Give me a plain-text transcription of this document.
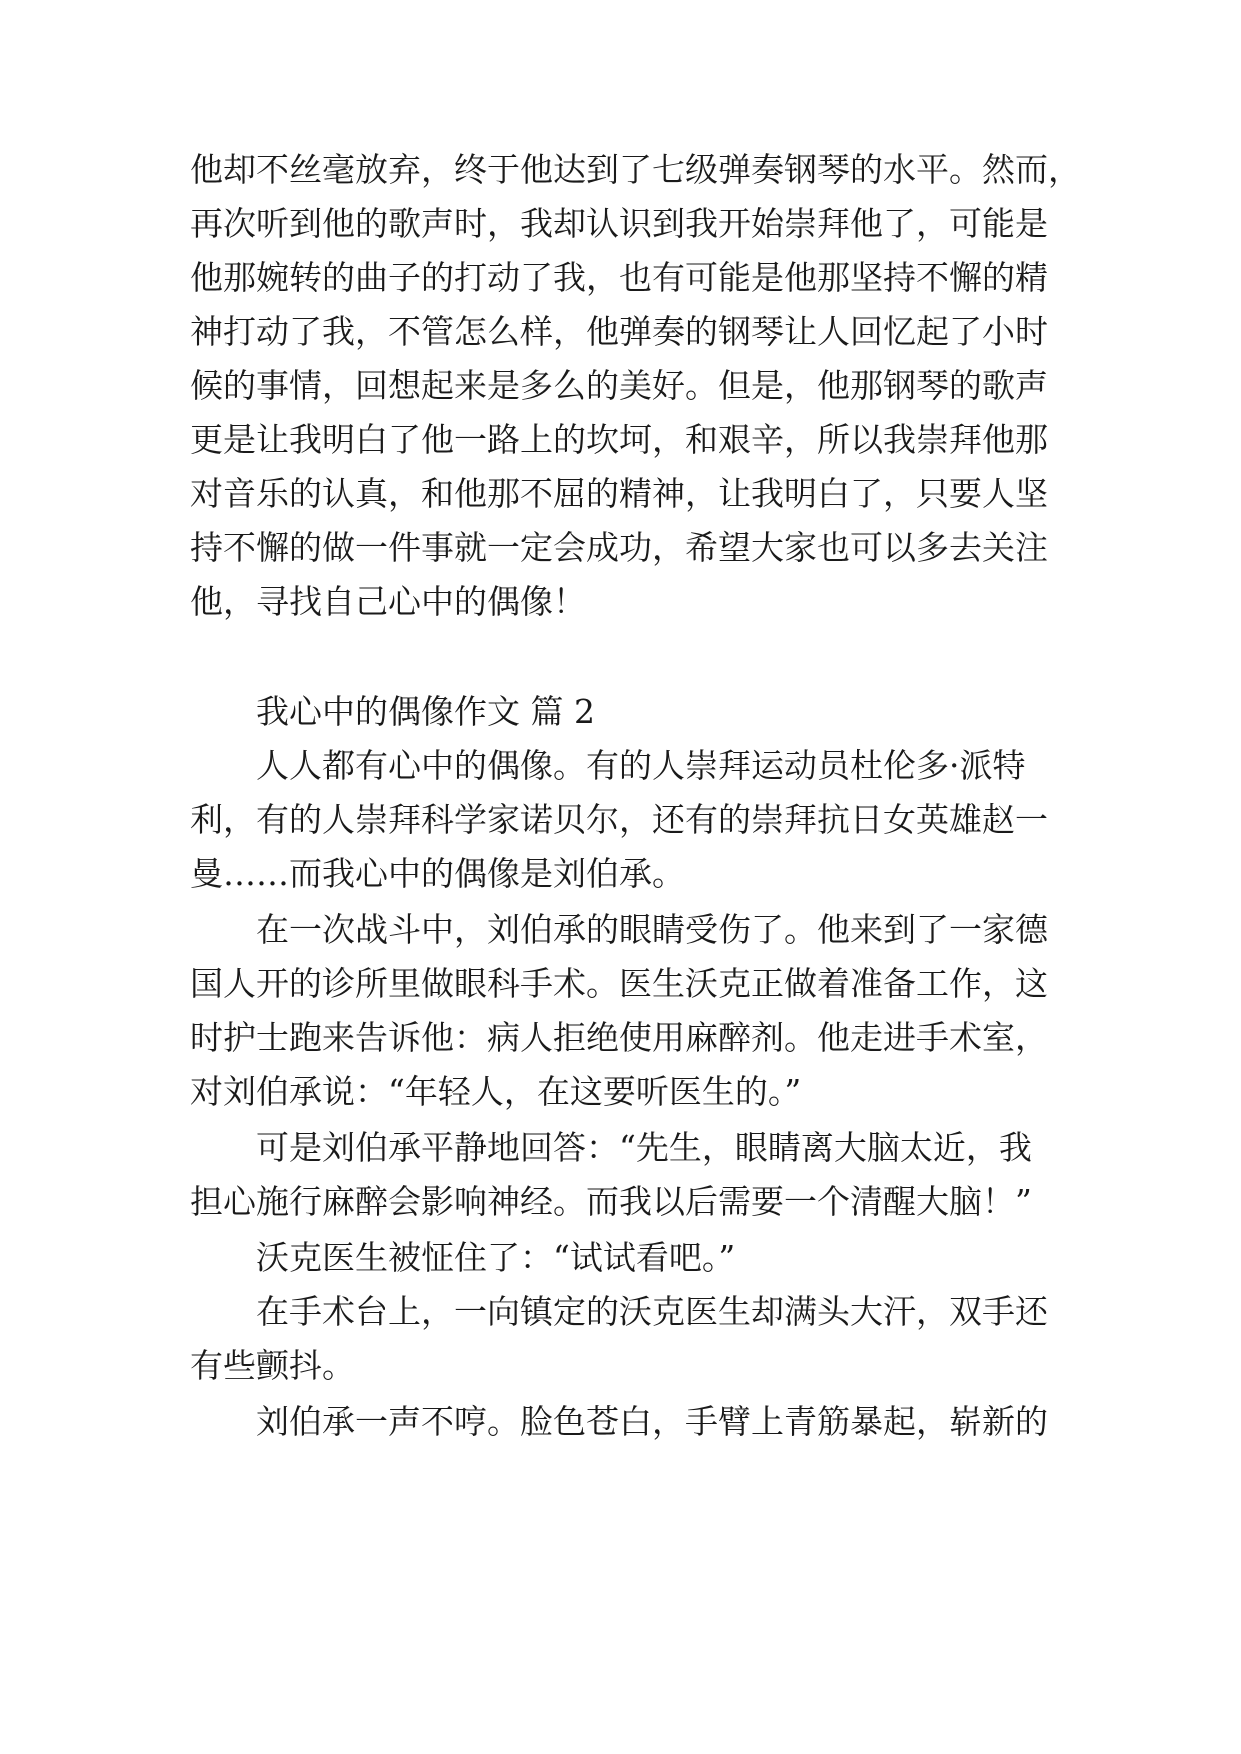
他却不丝毫放弃，终于他达到了七级弹奏钢琴的水平。然而，
再次听到他的歌声时，我却认识到我开始崇拜他了，可能是
他那婉转的曲子的打动了我，也有可能是他那坚持不懈的精
神打动了我，不管怎么样，他弹奏的钢琴让人回忆起了小时
候的事情，回想起来是多么的美好。但是，他那钢琴的歌声
更是让我明白了他一路上的坎坷，和艰辛，所以我崇拜他那
对音乐的认真，和他那不屈的精神，让我明白了，只要人坚
持不懈的做一件事就一定会成功，希望大家也可以多去关注
他，寻找自己心中的偶像！
我心中的偶像作文 篇 2
人人都有心中的偶像。有的人崇拜运动员杜伦多·派特
利，有的人崇拜科学家诺贝尔，还有的崇拜抗日女英雄赵一
曼……而我心中的偶像是刘伯承。
在一次战斗中，刘伯承的眼睛受伤了。他来到了一家德
国人开的诊所里做眼科手术。医生沃克正做着准备工作，这
时护士跑来告诉他：病人拒绝使用麻醉剂。他走进手术室，
对刘伯承说：“年轻人，在这要听医生的。”
可是刘伯承平静地回答：“先生，眼睛离大脑太近，我
担心施行麻醉会影响神经。而我以后需要一个清醒大脑！”
沃克医生被怔住了：“试试看吧。”
在手术台上，一向镇定的沃克医生却满头大汗，双手还
有些颤抖。
刘伯承一声不哼。脸色苍白，手臂上青筋暴起，崭新的
